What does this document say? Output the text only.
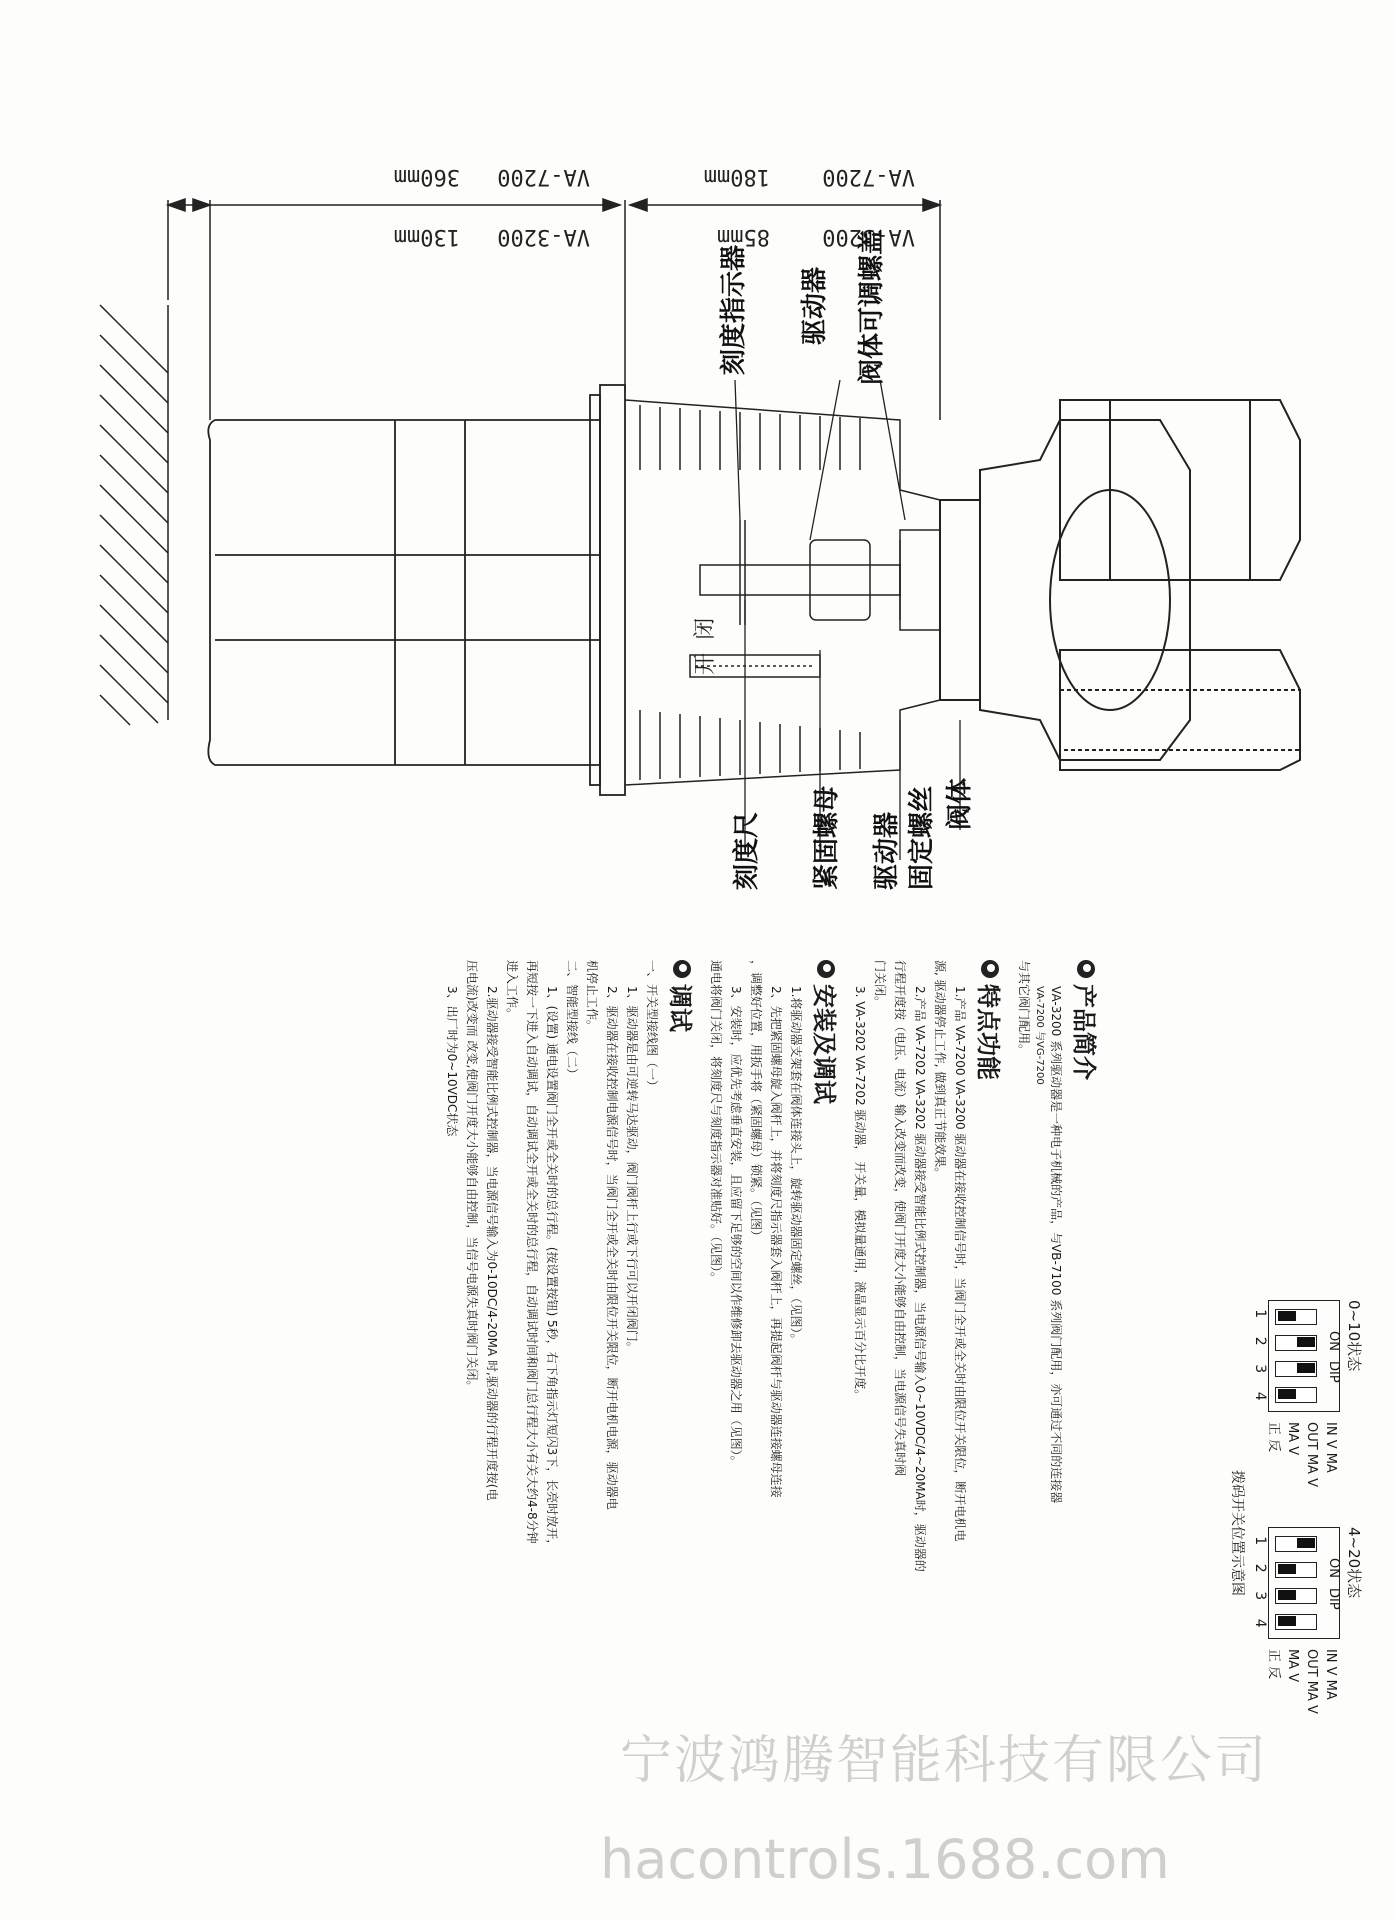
VA-7200
360mm
VA-3200
130mm
VA-7200
180mm
VA-3200
85mm
开 闭
刻度指示器 驱动器 阀体可调螺盖
刻度尺 紧固螺母 驱动器 固定螺丝 阀体
产品简介

VA-3200 系列驱动器是一种电子机械的产品，与VB-7100 系列阀门配用，亦可通过不同的连接器

VA-7200 与VG-7200

与其它阀门配用。

特点功能

1.产品 VA-7200 VA-3200 驱动器在接收控制信号时，当阀门全开或全关时由限位开关限位，断开电机电

源, 驱动器停止工作, 做到真正节能效果。

2.产品 VA-7202 VA-3202 驱动器接受智能比例式控制器，当电源信号输入0~10VDC/4~20MA时，驱动器的

行程开度按（电压、电流）输入改变而改变，使阀门开度大小能够自由控制，当电源信号失真时阀

门关闭。

3. VA-3202 VA-7202 驱动器， 开关量，模拟量通用，液晶显示百分比开度。

安装及调试

1.将驱动器支架套在阀体连接头上，旋转驱动器固定螺丝，（见图）。

2、先把紧固螺母旋入阀杆上，并将刻度尺指示器套入阀杆上，再提起阀杆与驱动器连接螺母连接

，调整好位置，用扳手将（紧固螺母）锁紧。（见图）

3、安装时，应优先考虑垂直安装，且应留下足够的空间以作维修卸去驱动器之用（见图）。

通电将阀门关闭，将刻度尺与刻度指示器对准贴好。（见图）。

调试

一、开关型接线图（一）

1、驱动器是由可逆转马达驱动，阀门阀杆上行或下行可以开闭阀门。

2、驱动器在接收控制电源信号时，当阀门全开或全关时由限位开关限位，断开电机电源，驱动器电

机停止工作。

二、智能型接线（二）

1、(设置) 通电设置阀门全开或全关时的总行程。(按设置按钮) 5秒，右下角指示灯短闪3下，长亮时放开，

再短按一下进入自动调试，自动调试全开或全关时的总行程，自动调试时间和阀门总行程大小有关大约4-8分钟

进入工作。

2.驱动器接受智能比例式控制器，当电源信号输入为0-10DC/4-20MA 时,驱动器的行程开度按(电

压电流)改变而 改变,使阀门开度大小能够自由控制，当信号电源失真时阀门关闭。

3、出厂时为0~10VDC状态

0~10状态
ON
DIP
1
2
3
4
IN V MA
OUT MA V
MA V
正 反
4~20状态
ON
DIP
1
2
3
4
IN V MA
OUT MA V
MA V
正 反
拨码开关位置示意图
宁波鸿腾智能科技有限公司
hacontrols.1688.com
